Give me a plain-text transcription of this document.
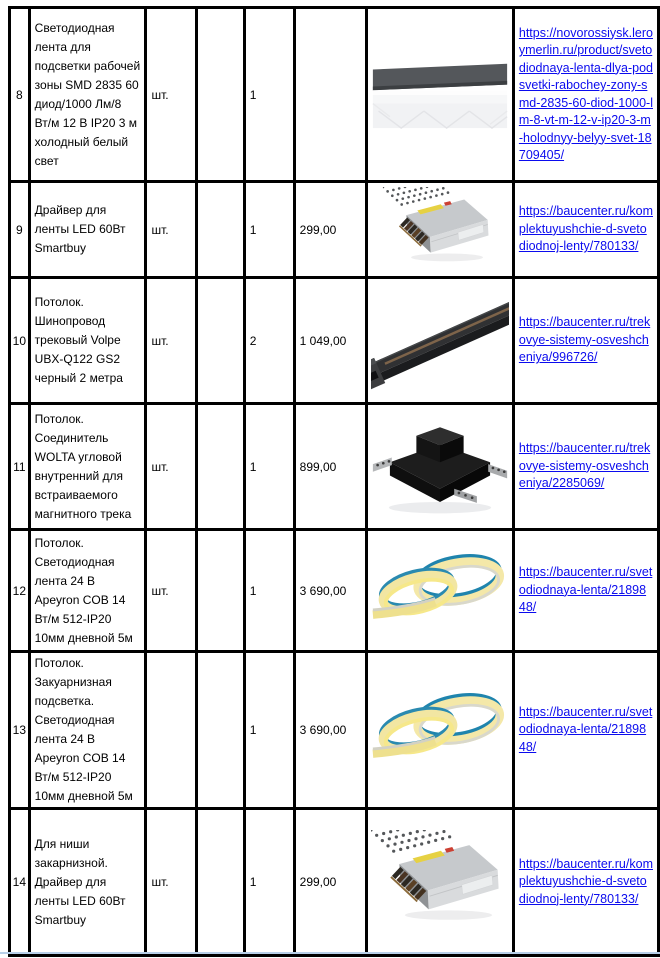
8	Светодиодная лента для подсветки рабочей зоны SMD 2835 60 диод/1000 Лм/8 Вт/м 12 В IP20 3 м холодный белый свет	шт.		1			https://novorossiysk.leroymerlin.ru/product/svetodiodnaya-lenta-dlya-podsvetki-rabochey-zony-smd-2835-60-diod-1000-lm-8-vt-m-12-v-ip20-3-m-holodnyy-belyy-svet-18709405/
9	Драйвер для ленты LED 60Вт Smartbuy	шт.		1	299,00		https://baucenter.ru/komplektuyushchie-d-svetodiodnoj-lenty/780133/
10	Потолок. Шинопровод трековый Volpe UBX-Q122 GS2 черный 2 метра	шт.		2	1 049,00		https://baucenter.ru/trekovye-sistemy-osveshcheniya/996726/
11	Потолок. Соединитель WOLTA угловой внутренний для встраиваемого магнитного трека	шт.		1	899,00		https://baucenter.ru/trekovye-sistemy-osveshcheniya/2285069/
12	Потолок. Светодиодная лента 24 В Apeyron COB 14 Вт/м 512-IP20 10мм дневной 5м	шт.		1	3 690,00		https://baucenter.ru/svetodiodnaya-lenta/2189848/
13	Потолок. Закуарнизная подсветка. Светодиодная лента 24 В Apeyron COB 14 Вт/м 512-IP20 10мм дневной 5м			1	3 690,00		https://baucenter.ru/svetodiodnaya-lenta/2189848/
14	Для ниши закарнизной. Драйвер для ленты LED 60Вт Smartbuy	шт.		1	299,00		https://baucenter.ru/komplektuyushchie-d-svetodiodnoj-lenty/780133/
